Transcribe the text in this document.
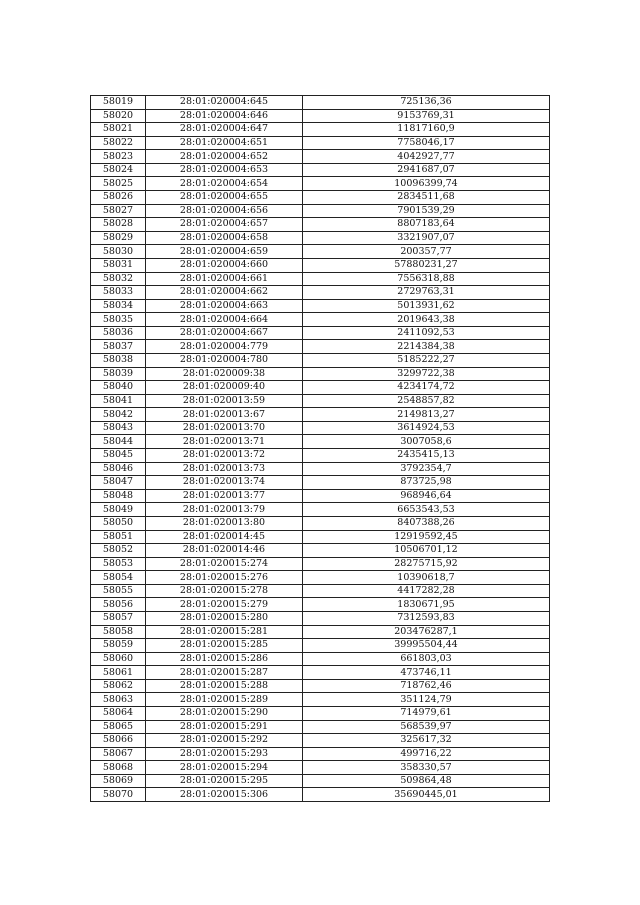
58019	28:01:020004:645	725136,36
58020	28:01:020004:646	9153769,31
58021	28:01:020004:647	11817160,9
58022	28:01:020004:651	7758046,17
58023	28:01:020004:652	4042927,77
58024	28:01:020004:653	2941687,07
58025	28:01:020004:654	10096399,74
58026	28:01:020004:655	2834511,68
58027	28:01:020004:656	7901539,29
58028	28:01:020004:657	8807183,64
58029	28:01:020004:658	3321907,07
58030	28:01:020004:659	200357,77
58031	28:01:020004:660	57880231,27
58032	28:01:020004:661	7556318,88
58033	28:01:020004:662	2729763,31
58034	28:01:020004:663	5013931,62
58035	28:01:020004:664	2019643,38
58036	28:01:020004:667	2411092,53
58037	28:01:020004:779	2214384,38
58038	28:01:020004:780	5185222,27
58039	28:01:020009:38	3299722,38
58040	28:01:020009:40	4234174,72
58041	28:01:020013:59	2548857,82
58042	28:01:020013:67	2149813,27
58043	28:01:020013:70	3614924,53
58044	28:01:020013:71	3007058,6
58045	28:01:020013:72	2435415,13
58046	28:01:020013:73	3792354,7
58047	28:01:020013:74	873725,98
58048	28:01:020013:77	968946,64
58049	28:01:020013:79	6653543,53
58050	28:01:020013:80	8407388,26
58051	28:01:020014:45	12919592,45
58052	28:01:020014:46	10506701,12
58053	28:01:020015:274	28275715,92
58054	28:01:020015:276	10390618,7
58055	28:01:020015:278	4417282,28
58056	28:01:020015:279	1830671,95
58057	28:01:020015:280	7312593,83
58058	28:01:020015:281	203476287,1
58059	28:01:020015:285	39995504,44
58060	28:01:020015:286	661803,03
58061	28:01:020015:287	473746,11
58062	28:01:020015:288	718762,46
58063	28:01:020015:289	351124,79
58064	28:01:020015:290	714979,61
58065	28:01:020015:291	568539,97
58066	28:01:020015:292	325617,32
58067	28:01:020015:293	499716,22
58068	28:01:020015:294	358330,57
58069	28:01:020015:295	509864,48
58070	28:01:020015:306	35690445,01
